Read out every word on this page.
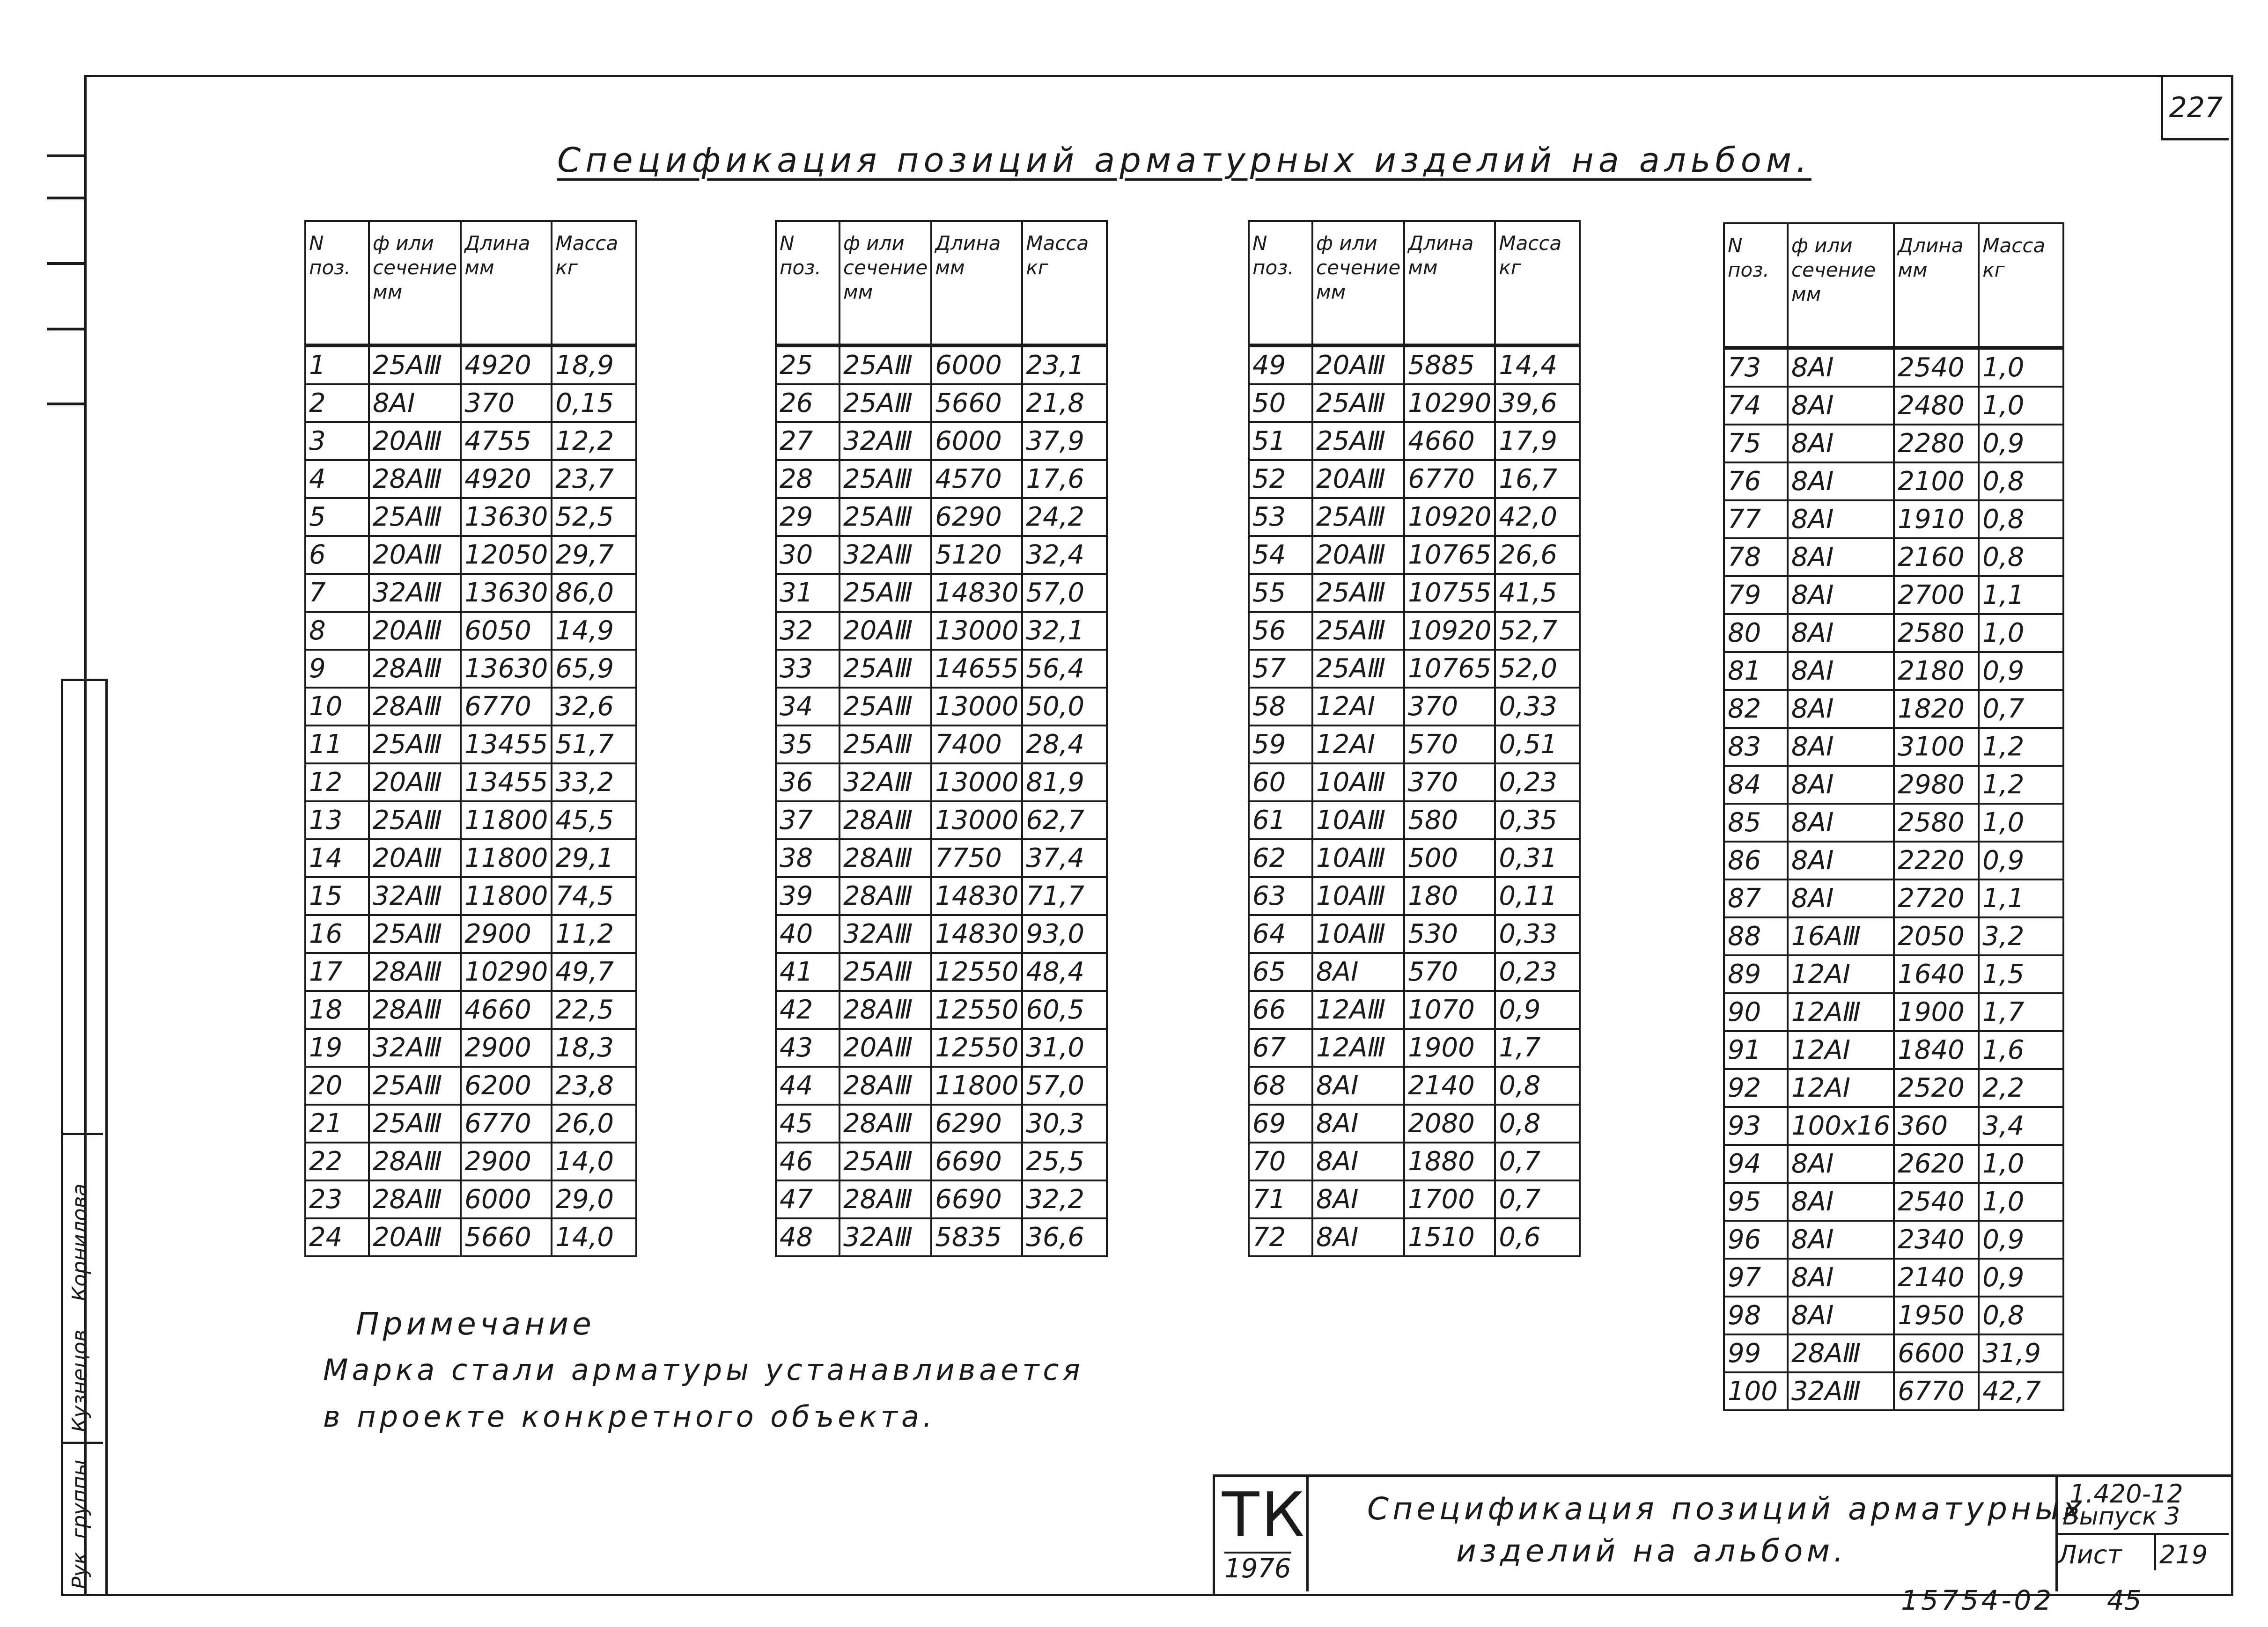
227
Спецификация позиций арматурных изделий на альбом.
N поз.	ф или сечение мм	Длина мм	Масса кг
1	25АⅢ	4920	18,9
2	8АⅠ	370	0,15
3	20АⅢ	4755	12,2
4	28АⅢ	4920	23,7
5	25АⅢ	13630	52,5
6	20АⅢ	12050	29,7
7	32АⅢ	13630	86,0
8	20АⅢ	6050	14,9
9	28АⅢ	13630	65,9
10	28АⅢ	6770	32,6
11	25АⅢ	13455	51,7
12	20АⅢ	13455	33,2
13	25АⅢ	11800	45,5
14	20АⅢ	11800	29,1
15	32АⅢ	11800	74,5
16	25АⅢ	2900	11,2
17	28АⅢ	10290	49,7
18	28АⅢ	4660	22,5
19	32АⅢ	2900	18,3
20	25АⅢ	6200	23,8
21	25АⅢ	6770	26,0
22	28АⅢ	2900	14,0
23	28АⅢ	6000	29,0
24	20АⅢ	5660	14,0
N поз.	ф или сечение мм	Длина мм	Масса кг
25	25АⅢ	6000	23,1
26	25АⅢ	5660	21,8
27	32АⅢ	6000	37,9
28	25АⅢ	4570	17,6
29	25АⅢ	6290	24,2
30	32АⅢ	5120	32,4
31	25АⅢ	14830	57,0
32	20АⅢ	13000	32,1
33	25АⅢ	14655	56,4
34	25АⅢ	13000	50,0
35	25АⅢ	7400	28,4
36	32АⅢ	13000	81,9
37	28АⅢ	13000	62,7
38	28АⅢ	7750	37,4
39	28АⅢ	14830	71,7
40	32АⅢ	14830	93,0
41	25АⅢ	12550	48,4
42	28АⅢ	12550	60,5
43	20АⅢ	12550	31,0
44	28АⅢ	11800	57,0
45	28АⅢ	6290	30,3
46	25АⅢ	6690	25,5
47	28АⅢ	6690	32,2
48	32АⅢ	5835	36,6
N поз.	ф или сечение мм	Длина мм	Масса кг
49	20АⅢ	5885	14,4
50	25АⅢ	10290	39,6
51	25АⅢ	4660	17,9
52	20АⅢ	6770	16,7
53	25АⅢ	10920	42,0
54	20АⅢ	10765	26,6
55	25АⅢ	10755	41,5
56	25АⅢ	10920	52,7
57	25АⅢ	10765	52,0
58	12АⅠ	370	0,33
59	12АⅠ	570	0,51
60	10АⅢ	370	0,23
61	10АⅢ	580	0,35
62	10АⅢ	500	0,31
63	10АⅢ	180	0,11
64	10АⅢ	530	0,33
65	8АⅠ	570	0,23
66	12АⅢ	1070	0,9
67	12АⅢ	1900	1,7
68	8АⅠ	2140	0,8
69	8АⅠ	2080	0,8
70	8АⅠ	1880	0,7
71	8АⅠ	1700	0,7
72	8АⅠ	1510	0,6
N поз.	ф или сечение мм	Длина мм	Масса кг
73	8АⅠ	2540	1,0
74	8АⅠ	2480	1,0
75	8АⅠ	2280	0,9
76	8АⅠ	2100	0,8
77	8АⅠ	1910	0,8
78	8АⅠ	2160	0,8
79	8АⅠ	2700	1,1
80	8АⅠ	2580	1,0
81	8АⅠ	2180	0,9
82	8АⅠ	1820	0,7
83	8АⅠ	3100	1,2
84	8АⅠ	2980	1,2
85	8АⅠ	2580	1,0
86	8АⅠ	2220	0,9
87	8АⅠ	2720	1,1
88	16АⅢ	2050	3,2
89	12АⅠ	1640	1,5
90	12АⅢ	1900	1,7
91	12АⅠ	1840	1,6
92	12АⅠ	2520	2,2
93	100х16	360	3,4
94	8АⅠ	2620	1,0
95	8АⅠ	2540	1,0
96	8АⅠ	2340	0,9
97	8АⅠ	2140	0,9
98	8АⅠ	1950	0,8
99	28АⅢ	6600	31,9
100	32АⅢ	6770	42,7
Примечание
Марка стали арматуры устанавливается
в проекте конкретного объекта.
Рук. группы
Кузнецов
Корнилова
ТК
1976
Спецификация позиций арматурных
изделий на альбом.
1.420-12
Выпуск 3
Лист 219
15754-02 45
